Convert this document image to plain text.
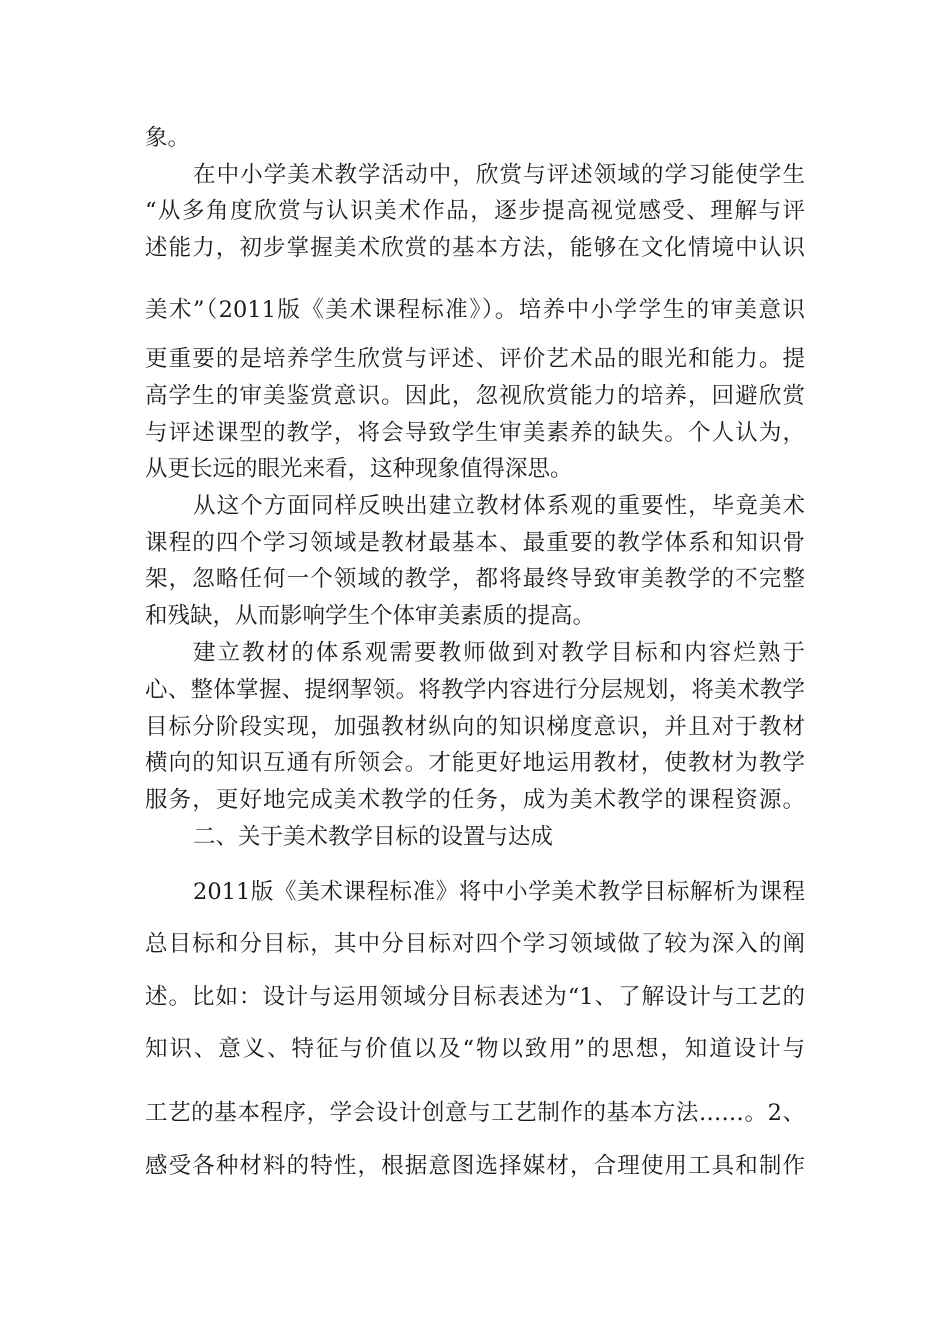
象。
在中小学美术教学活动中，欣赏与评述领域的学习能使学生
“从多角度欣赏与认识美术作品，逐步提高视觉感受、理解与评
述能力，初步掌握美术欣赏的基本方法，能够在文化情境中认识
美术”（2011版《美术课程标准》）。培养中小学学生的审美意识
更重要的是培养学生欣赏与评述、评价艺术品的眼光和能力。提
高学生的审美鉴赏意识。因此，忽视欣赏能力的培养，回避欣赏
与评述课型的教学，将会导致学生审美素养的缺失。个人认为，
从更长远的眼光来看，这种现象值得深思。
从这个方面同样反映出建立教材体系观的重要性，毕竟美术
课程的四个学习领域是教材最基本、最重要的教学体系和知识骨
架，忽略任何一个领域的教学，都将最终导致审美教学的不完整
和残缺，从而影响学生个体审美素质的提高。
建立教材的体系观需要教师做到对教学目标和内容烂熟于
心、整体掌握、提纲挈领。将教学内容进行分层规划，将美术教学
目标分阶段实现，加强教材纵向的知识梯度意识，并且对于教材
横向的知识互通有所领会。才能更好地运用教材，使教材为教学
服务，更好地完成美术教学的任务，成为美术教学的课程资源。
二、关于美术教学目标的设置与达成
2011版《美术课程标准》将中小学美术教学目标解析为课程
总目标和分目标，其中分目标对四个学习领域做了较为深入的阐
述。比如：设计与运用领域分目标表述为“1、了解设计与工艺的
知识、意义、特征与价值以及“物以致用”的思想，知道设计与
工艺的基本程序，学会设计创意与工艺制作的基本方法……。2、
感受各种材料的特性，根据意图选择媒材，合理使用工具和制作
